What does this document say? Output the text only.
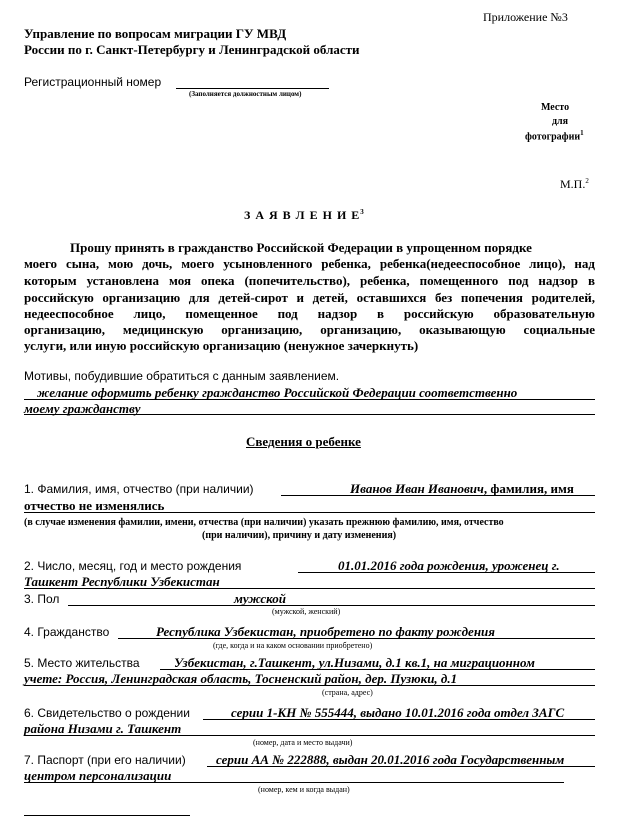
Приложение №3
Управление по вопросам миграции ГУ МВД
России по г. Санкт-Петербургу и Ленинградской области
Регистрационный номер
(Заполняется должностным лицом)
Место
для
фотографии$^1$
М.П.$^2$
З А Я В Л Е Н И $Е^3$
Прошу принять в гражданство Российской Федерации в упрощенном порядке
моего сына, мою дочь, моего усыновленного ребенка, ребенка(недееспособное лицо), над
которым установлена моя опека (попечительство), ребенка, помещенного под надзор в
российскую организацию для детей-сирот и детей, оставшихся без попечения родителей,
недееспособное лицо, помещенное под надзор в российскую образовательную
организацию, медицинскую организацию, организацию, оказывающую социальные
услуги, или иную российскую организацию (ненужное зачеркнуть)
Мотивы, побудившие обратиться с данным заявлением.
желание оформить ребенку гражданство Российской Федерации соответственно
моему гражданству
Сведения о ребенке
1. Фамилия, имя, отчество (при наличии)	Иванов Иван Иванович, фамилия, имя
отчество не изменялись
(в случае изменения фамилии, имени, отчества (при наличии) указать прежнюю фамилию, имя, отчество
(при наличии), причину и дату изменения)
2. Число, месяц, год и место рождения	01.01.2016 года рождения, уроженец г.
Ташкент Республики Узбекистан
3. Пол	мужской
(мужской, женский)
4. Гражданство	Республика Узбекистан, приобретено по факту рождения
(где, когда и на каком основании приобретено)
5. Место жительства	Узбекистан, г.Ташкент, ул.Низами, д.1 кв.1, на миграционном
учете: Россия, Ленинградская область, Тосненский район, дер. Пузюки, д.1
(страна, адрес)
6. Свидетельство о рождении	серии 1-КН № 555444, выдано 10.01.2016 года отдел ЗАГС
района Низами г. Ташкент
(номер, дата и место выдачи)
7. Паспорт (при его наличии) серии АА № 222888, выдан 20.01.2016 года Государственным
центром персонализации
(номер, кем и когда выдан)
